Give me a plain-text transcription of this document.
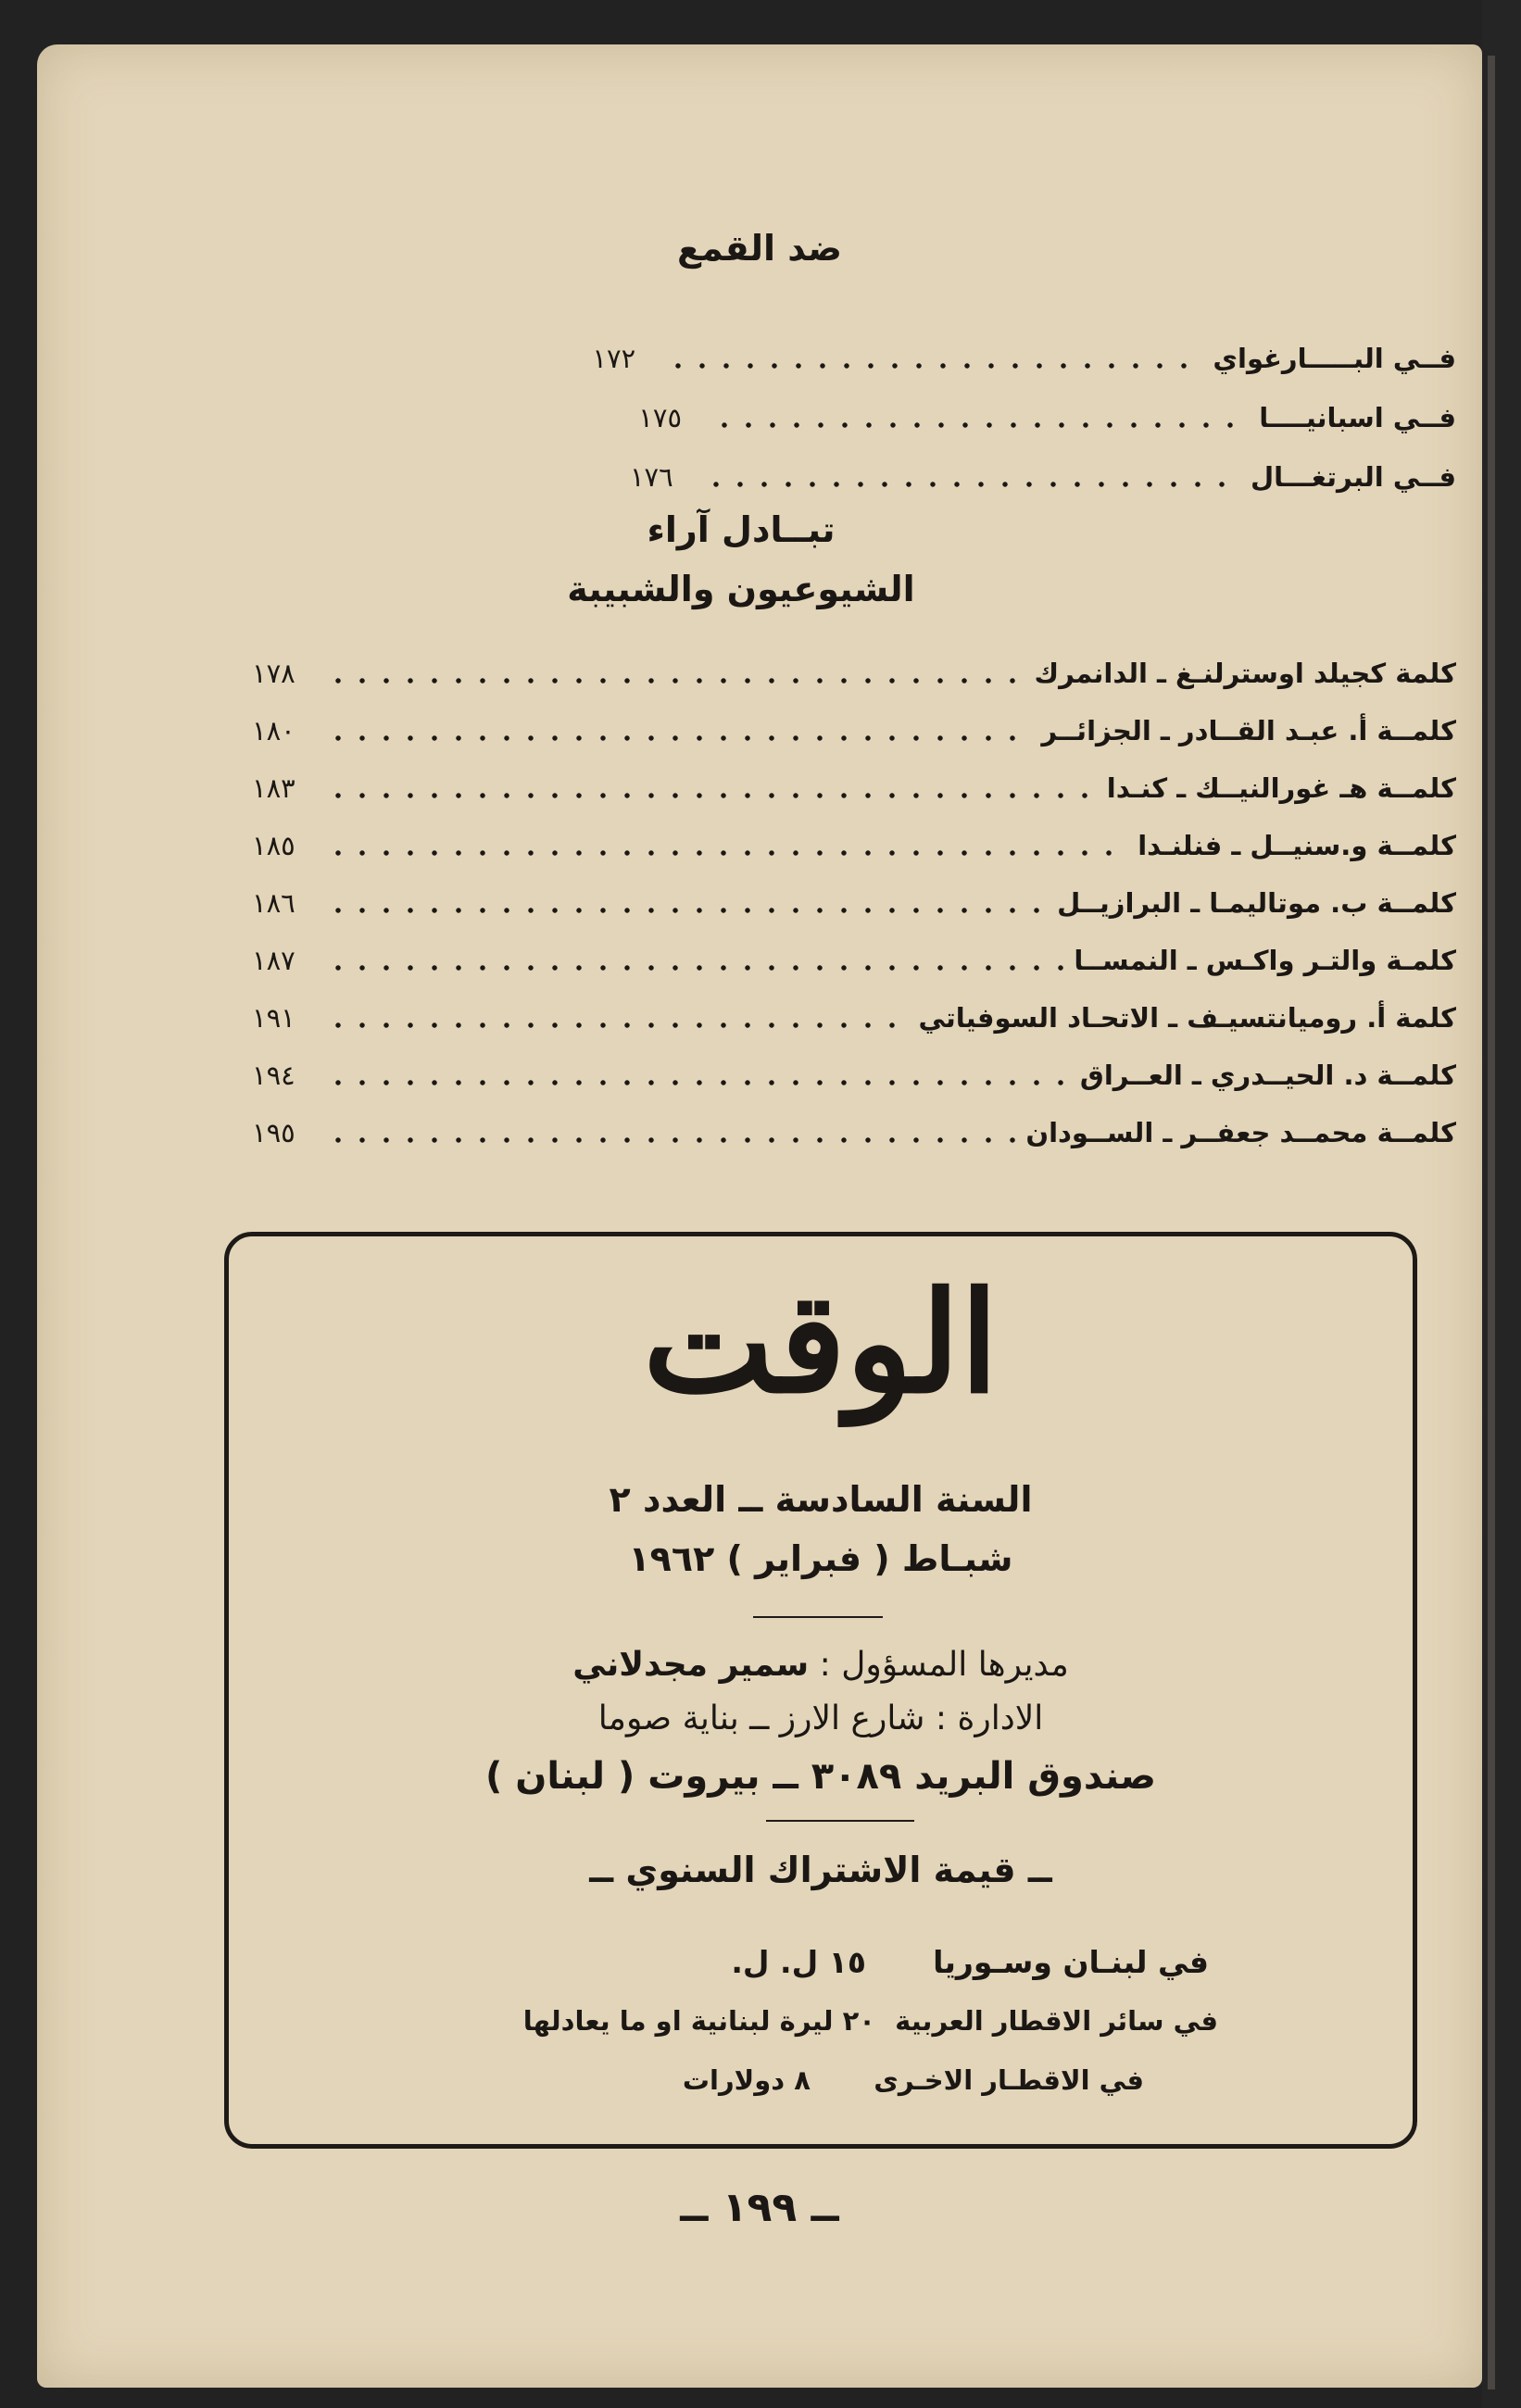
ضد القمع
فــي البـــــارغواي
١٧٢
فــي اسبانيــــا
١٧٥
فــي البرتغـــال
١٧٦
تبــادل آراء
الشيوعيون والشبيبة
كلمة كجيلد اوسترلنـغ ـ الدانمرك
١٧٨
كلمــة أ. عبـد القــادر ـ الجزائــر
١٨٠
كلمــة هـ غورالنيــك ـ كنـدا
١٨٣
كلمــة و.سنيــل ـ فنلنـدا
١٨٥
كلمــة ب. موتاليمـا ـ البرازيــل
١٨٦
كلمـة والتـر واكـس ـ النمســا
١٨٧
كلمة أ. رومیانتسیـف ـ الاتحـاد السوفياتي
١٩١
كلمــة د. الحيــدري ـ العــراق
١٩٤
كلمــة محمــد جعفــر ـ الســودان
١٩٥
الوقت
السنة السادسة ــ العدد ٢
شبـاط ( فبراير ) ١٩٦٢
مديرها المسؤول : سمير مجدلاني
الادارة : شارع الارز ــ بناية صوما
صندوق البريد ٣٠٨٩ ــ بيروت ( لبنان )
ــ قيمة الاشتراك السنوي ــ
في لبنـان وسـوريا
١٥ ل. ل.
في سائر الاقطار العربية
٢٠ ليرة لبنانية او ما يعادلها
في الاقطـار الاخـرى
٨ دولارات
ــ ١٩٩ ــ
